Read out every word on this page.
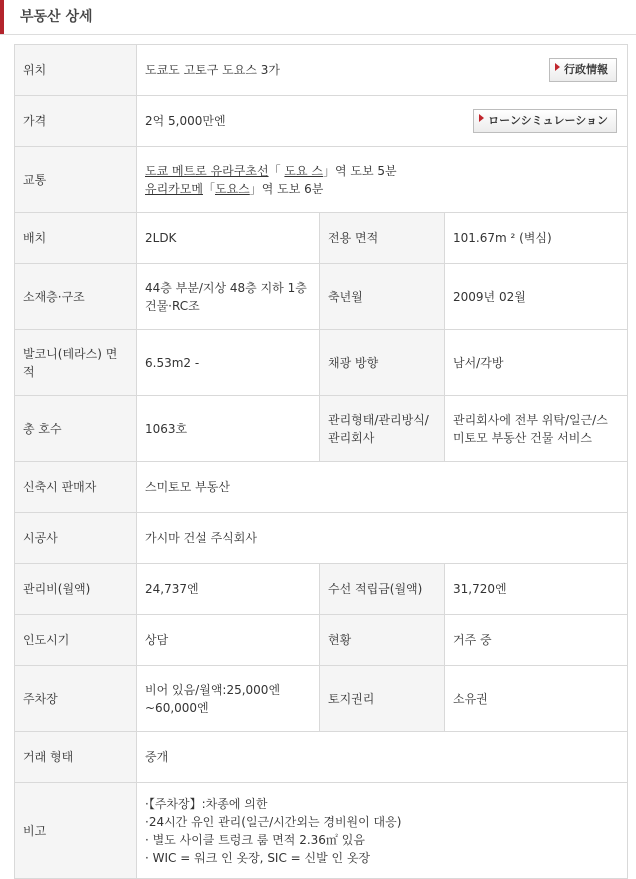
부동산 상세
위치	도쿄도 고토구 도요스 3가 行政情報		

가격	2억 5,000만엔 ローンシミュレーション		

교통	도쿄 메트로 유라쿠초선「 도요 스」역 도보 5분
유리카모메「도요스」역 도보 6분		

배치	2LDK	전용 면적	101.67m ² (벽심)
소재층·구조	44층 부분/지상 48층 지하 1층건물·RC조	축년월	2009년 02월
발코니(테라스) 면적	6.53m2 -	채광 방향	남서/각방
총 호수	1063호	관리형태/관리방식/관리회사	관리회사에 전부 위탁/일근/스미토모 부동산 건물 서비스
신축시 판매자	스미토모 부동산		
시공사	가시마 건설 주식회사		
관리비(월액)	24,737엔	수선 적립금(월액)	31,720엔
인도시기	상담	현황	거주 중
주차장	비어 있음/월액:25,000엔~60,000엔	토지권리	소유권
거래 형태	중개		
비고	·【주차장】:차종에 의한
·24시간 유인 관리(일근/시간외는 경비원이 대응)
· 별도 사이클 트렁크 룸 면적 2.36㎡ 있음
· WIC = 워크 인 옷장, SIC = 신발 인 옷장		
